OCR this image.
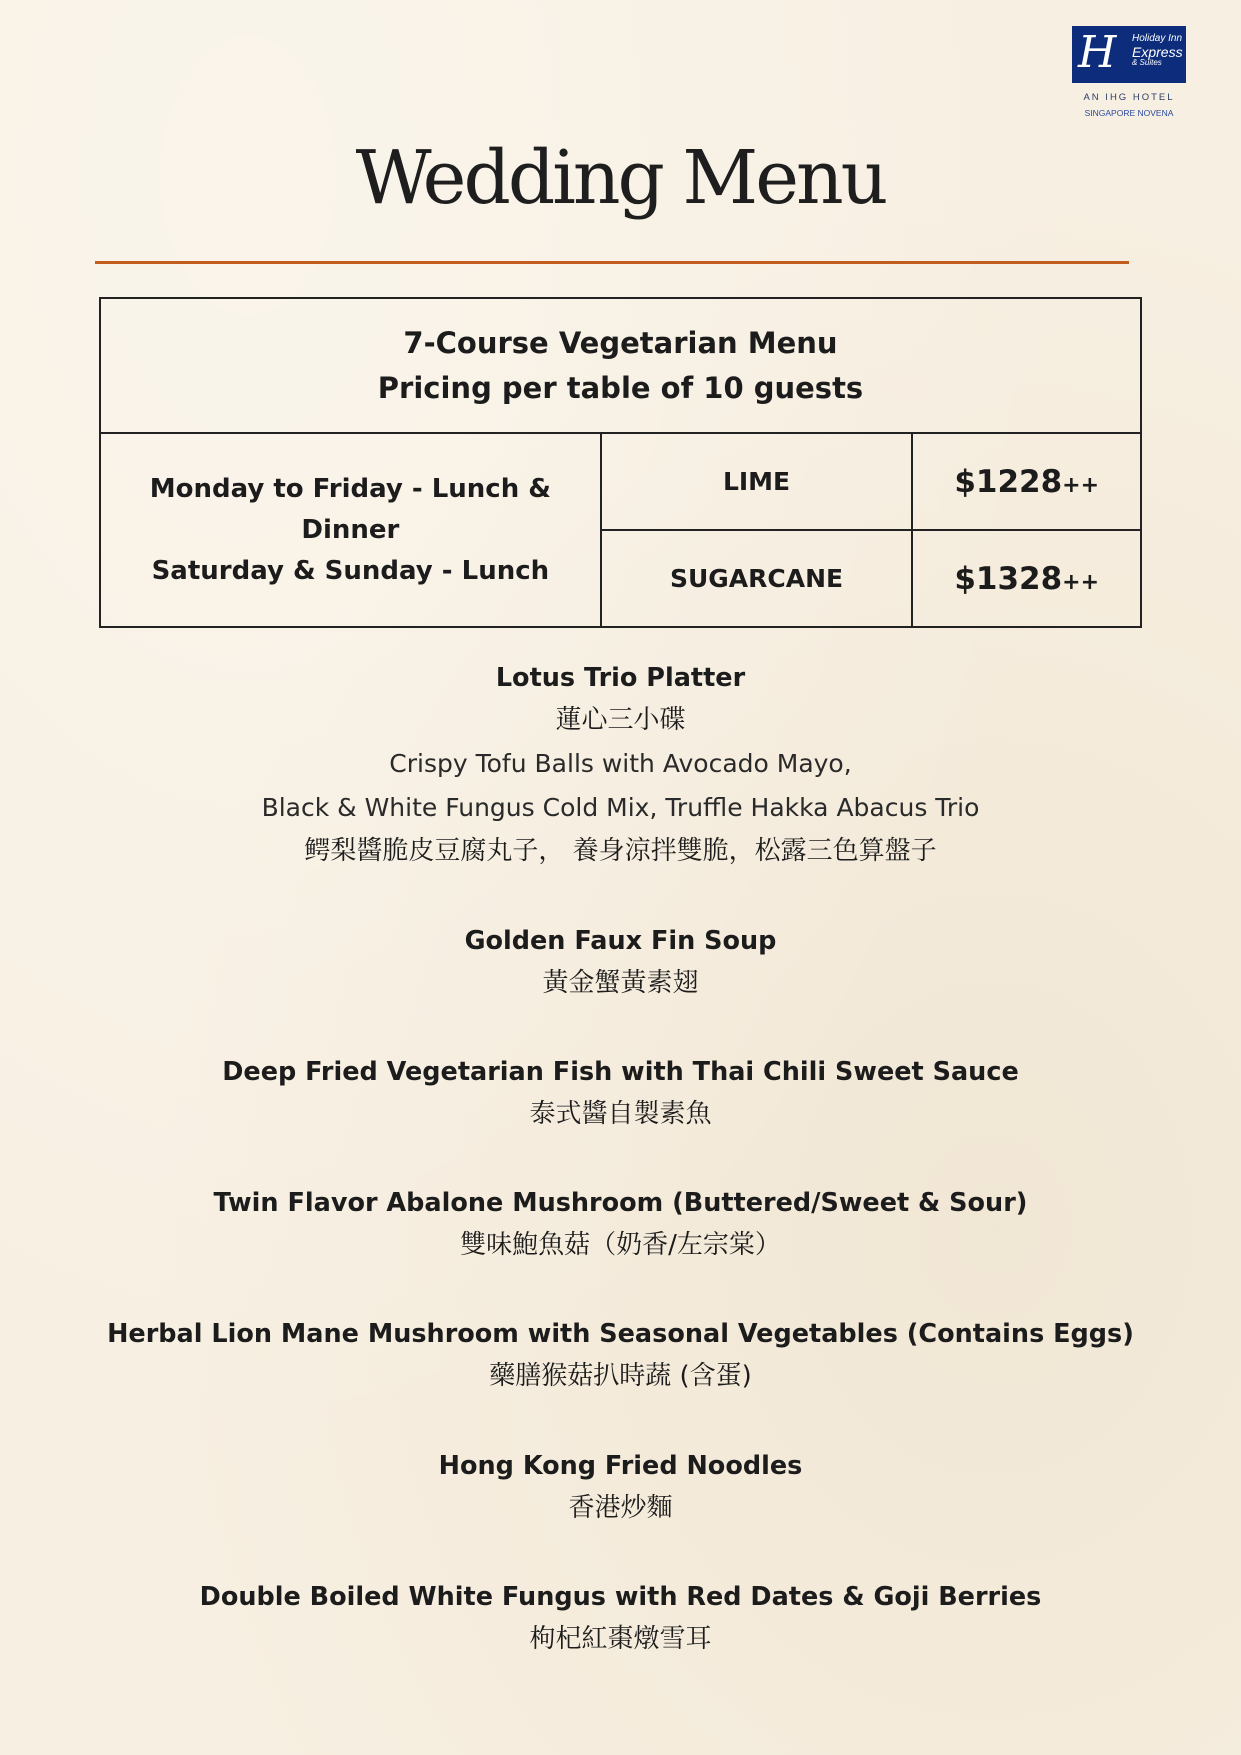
H Holiday Inn
Express
& Suites
AN IHG HOTEL
SINGAPORE NOVENA
Wedding Menu
7-Course Vegetarian Menu
Pricing per table of 10 guests		
Monday to Friday - Lunch & Dinner
Saturday & Sunday - Lunch	LIME	$1228++
	SUGARCANE	$1328++
Lotus Trio Platter
蓮心三小碟
Crispy Tofu Balls with Avocado Mayo,
Black & White Fungus Cold Mix, Truffle Hakka Abacus Trio
鳄梨醬脆皮豆腐丸子， 養身涼拌雙脆，松露三色算盤子
Golden Faux Fin Soup
黃金蟹黃素翅
Deep Fried Vegetarian Fish with Thai Chili Sweet Sauce
泰式醬自製素魚
Twin Flavor Abalone Mushroom (Buttered/Sweet & Sour)
雙味鮑魚菇（奶香/左宗棠）
Herbal Lion Mane Mushroom with Seasonal Vegetables (Contains Eggs)
藥膳猴菇扒時蔬 (含蛋)
Hong Kong Fried Noodles
香港炒麵
Double Boiled White Fungus with Red Dates & Goji Berries
枸杞紅棗燉雪耳
